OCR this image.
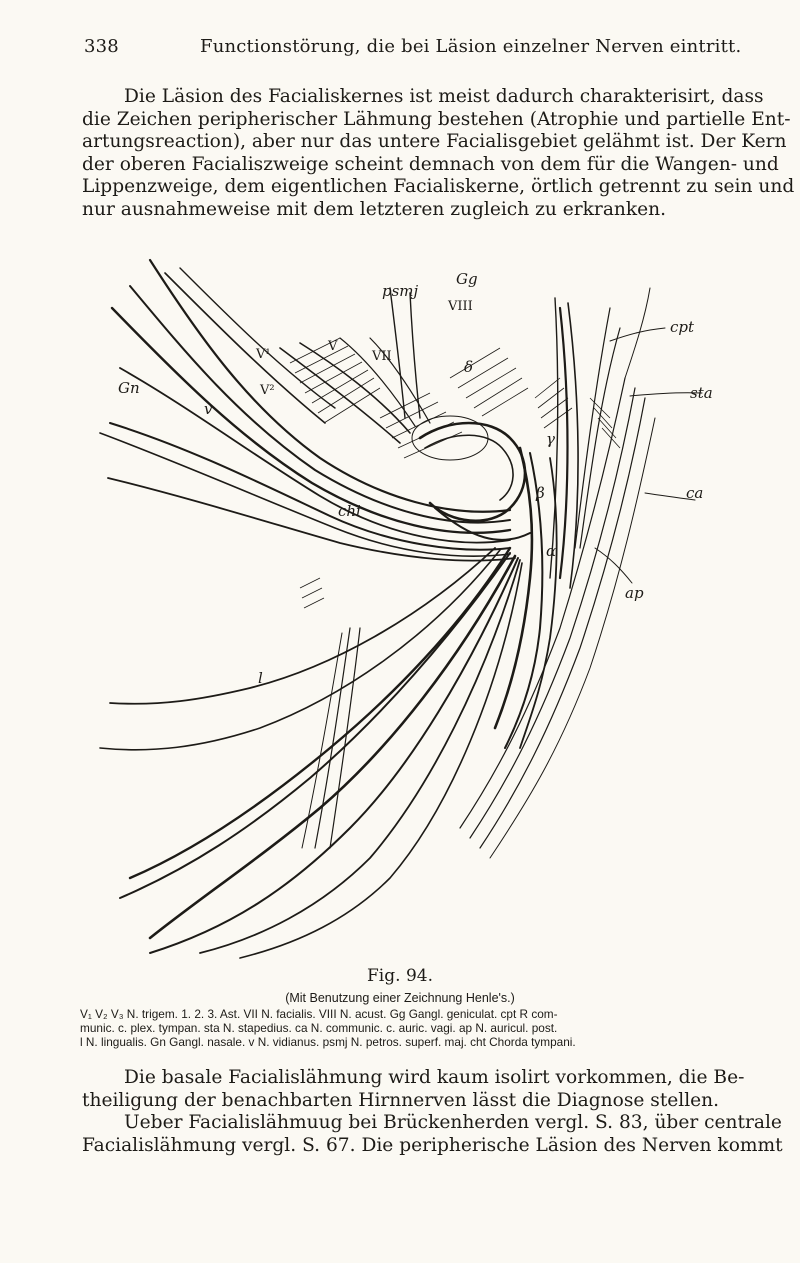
338	Functionstörung, die bei Läsion einzelner Nerven eintritt.
Die Läsion des Facialiskernes ist meist dadurch charakterisirt, dass
die Zeichen peripherischer Lähmung bestehen (Atrophie und partielle Ent-
artungsreaction), aber nur das untere Facialisgebiet gelähmt ist. Der Kern
der oberen Facialiszweige scheint demnach von dem für die Wangen- und
Lippenzweige, dem eigentlichen Facialiskerne, örtlich getrennt zu sein und
nur ausnahmeweise mit dem letzteren zugleich zu erkranken.
psmj
Gg
VIII
VII
V¹
V
V²
Gn
v
cpt
sta
ca
ap
chi
l
β
γ
α
δ
Fig. 94.
(Mit Benutzung einer Zeichnung Henle's.)
V₁ V₂ V₃ N. trigem. 1. 2. 3. Ast. VII N. facialis. VIII N. acust. Gg Gangl. geniculat. cpt R com-
munic. c. plex. tympan. sta N. stapedius. ca N. communic. c. auric. vagi. ap N. auricul. post.
l N. lingualis. Gn Gangl. nasale. v N. vidianus. psmj N. petros. superf. maj. cht Chorda tympani.
Die basale Facialislähmung wird kaum isolirt vorkommen, die Be-
theiligung der benachbarten Hirnnerven lässt die Diagnose stellen.
Ueber Facialislähmuug bei Brückenherden vergl. S. 83, über centrale
Facialislähmung vergl. S. 67. Die peripherische Läsion des Nerven kommt
